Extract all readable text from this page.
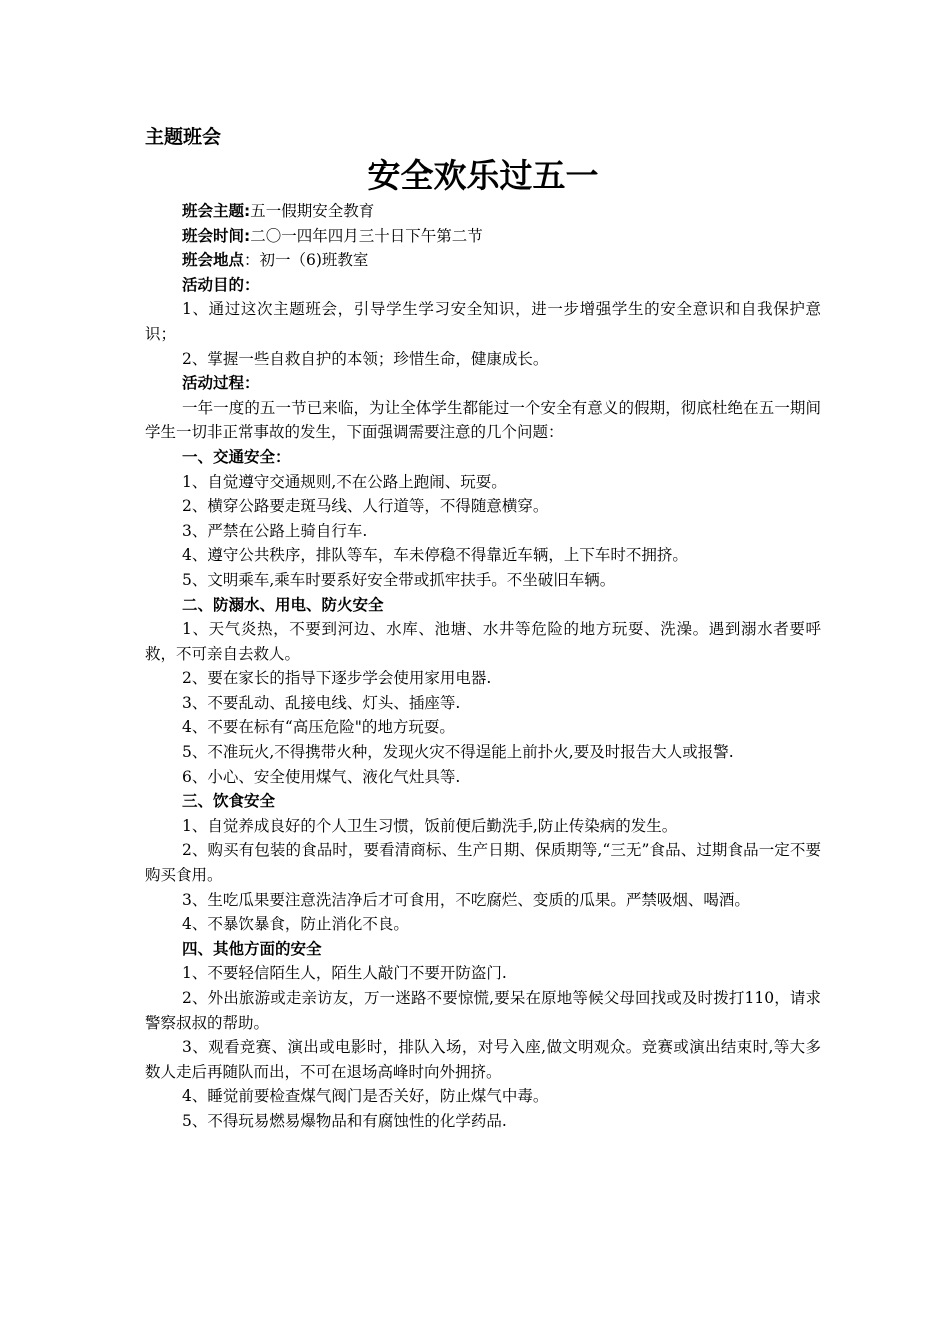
主题班会

安全欢乐过五一

班会主题:五一假期安全教育

班会时间:二〇一四年四月三十日下午第二节

班会地点：初一（6)班教室

活动目的：

1、通过这次主题班会，引导学生学习安全知识，进一步增强学生的安全意识和自我保护意识；

2、掌握一些自救自护的本领；珍惜生命，健康成长。

活动过程：

一年一度的五一节已来临，为让全体学生都能过一个安全有意义的假期，彻底杜绝在五一期间学生一切非正常事故的发生，下面强调需要注意的几个问题：

一、交通安全：

1、自觉遵守交通规则,不在公路上跑闹、玩耍。

2、横穿公路要走斑马线、人行道等，不得随意横穿。

3、严禁在公路上骑自行车.

4、遵守公共秩序，排队等车，车未停稳不得靠近车辆，上下车时不拥挤。

5、文明乘车,乘车时要系好安全带或抓牢扶手。不坐破旧车辆。

二、防溺水、用电、防火安全

1、天气炎热，不要到河边、水库、池塘、水井等危险的地方玩耍、洗澡。遇到溺水者要呼救，不可亲自去救人。

2、要在家长的指导下逐步学会使用家用电器.

3、不要乱动、乱接电线、灯头、插座等.

4、不要在标有“高压危险"的地方玩耍。

5、不准玩火,不得携带火种，发现火灾不得逞能上前扑火,要及时报告大人或报警.

6、小心、安全使用煤气、液化气灶具等.

三、饮食安全

1、自觉养成良好的个人卫生习惯，饭前便后勤洗手,防止传染病的发生。

2、购买有包装的食品时，要看清商标、生产日期、保质期等,“三无”食品、过期食品一定不要购买食用。

3、生吃瓜果要注意洗洁净后才可食用，不吃腐烂、变质的瓜果。严禁吸烟、喝酒。

4、不暴饮暴食，防止消化不良。

四、其他方面的安全

1、不要轻信陌生人，陌生人敲门不要开防盗门.

2、外出旅游或走亲访友，万一迷路不要惊慌,要呆在原地等候父母回找或及时拨打110，请求警察叔叔的帮助。

3、观看竞赛、演出或电影时，排队入场，对号入座,做文明观众。竞赛或演出结束时,等大多数人走后再随队而出，不可在退场高峰时向外拥挤。

4、睡觉前要检查煤气阀门是否关好，防止煤气中毒。

5、不得玩易燃易爆物品和有腐蚀性的化学药品.
